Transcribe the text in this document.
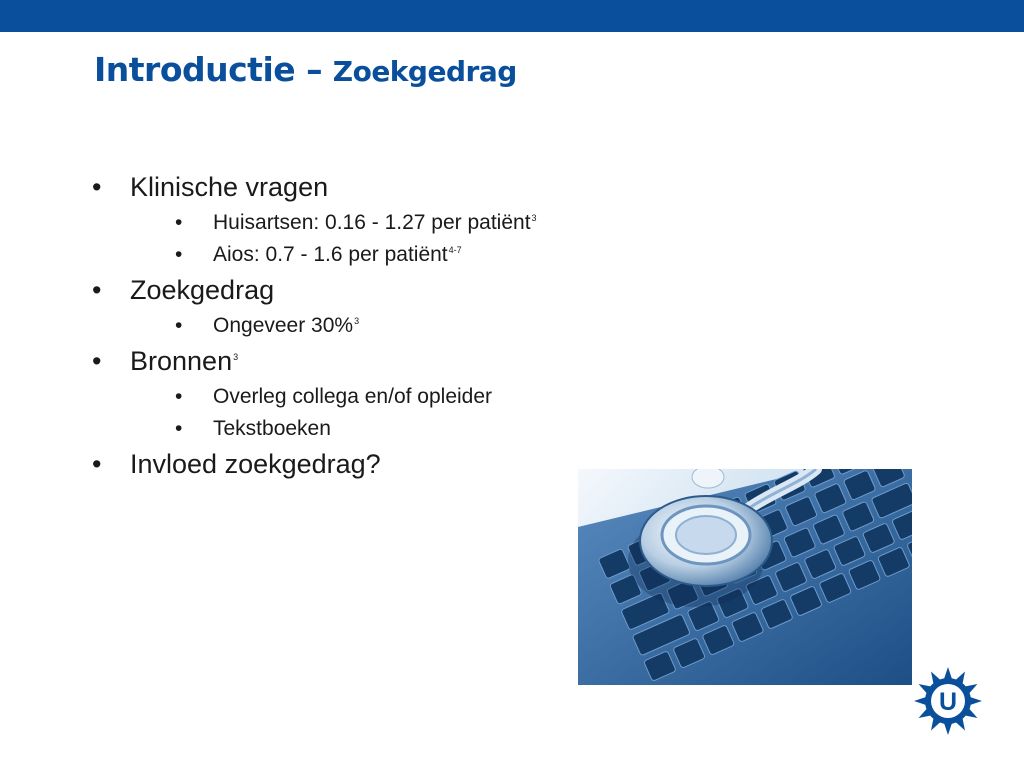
Introductie – Zoekgedrag
• Klinische vragen
• Huisartsen: 0.16 - 1.27 per patiënt$^3$
• Aios: 0.7 - 1.6 per patiënt$^{4-7}$
• Zoekgedrag
• Ongeveer 30%$^3$
• Bronnen$^3$
• Overleg collega en/of opleider
• Tekstboeken
• Invloed zoekgedrag?
U
